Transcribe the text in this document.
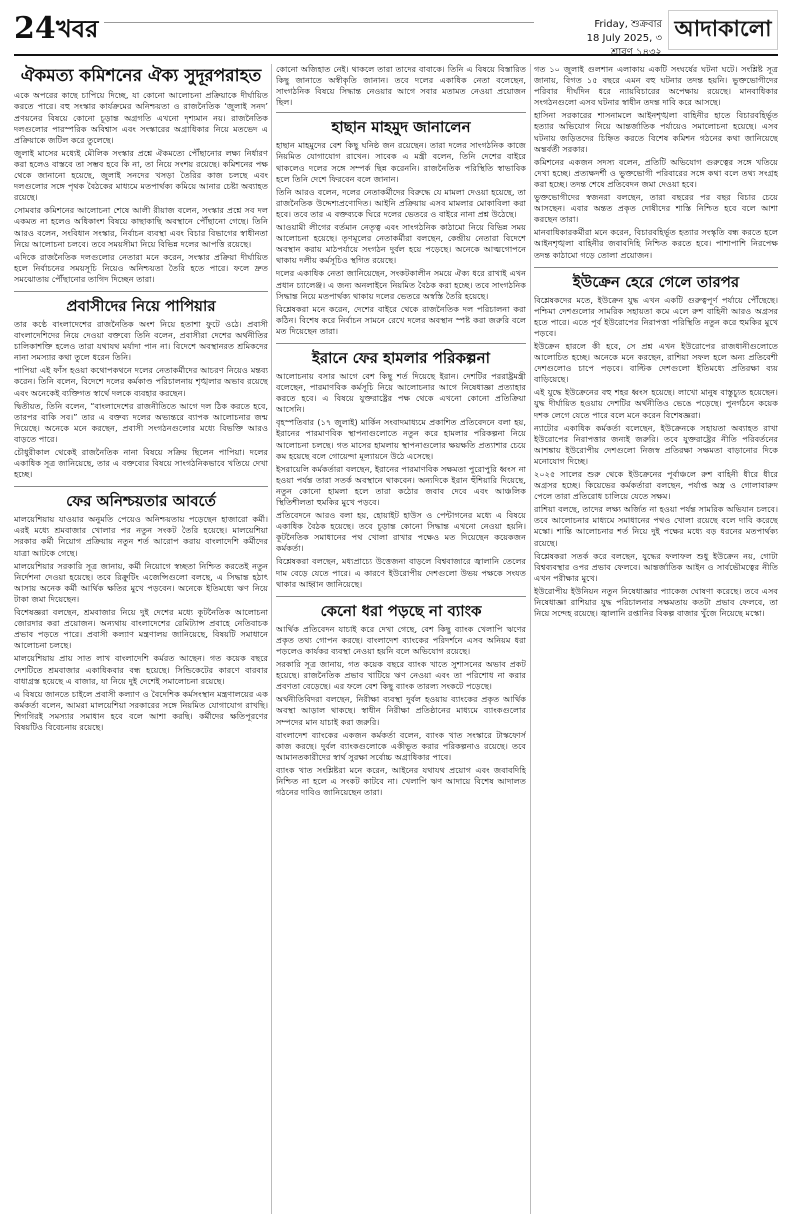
24 খবর	Friday, শুক্রবার
18 July 2025, ৩ শ্রাবণ ১৪৩২
আদাকালো
ঐকমত্য কমিশনের ঐক্য সুদূরপরাহত

একে অপরের কাছে চাপিয়ে দিচ্ছে, যা কোনো আলোচনা প্রক্রিয়াকে দীর্ঘায়িত করতে পারে। বহু সংস্কার কার্যক্রমের অনিশ্চয়তা ও রাজনৈতিক ‘জুলাই সনদ’ প্রণয়নের বিষয়ে কোনো চূড়ান্ত অগ্রগতি এখনো দৃশ্যমান নয়। রাজনৈতিক দলগুলোর পারস্পরিক অবিশ্বাস এবং সংস্কারের অগ্রাধিকার নিয়ে মতভেদ এ প্রক্রিয়াকে জটিল করে তুলেছে।

জুলাই মাসের মধ্যেই মৌলিক সংস্কার প্রশ্নে ঐকমত্যে পৌঁছানোর লক্ষ্য নির্ধারণ করা হলেও বাস্তবে তা সম্ভব হবে কি না, তা নিয়ে সংশয় রয়েছে। কমিশনের পক্ষ থেকে জানানো হয়েছে, জুলাই সনদের খসড়া তৈরির কাজ চলছে এবং দলগুলোর সঙ্গে পৃথক বৈঠকের মাধ্যমে মতপার্থক্য কমিয়ে আনার চেষ্টা অব্যাহত রয়েছে।

সোমবার কমিশনের আলোচনা শেষে আলী রীয়াজ বলেন, সংস্কার প্রশ্নে সব দল একমত না হলেও অধিকাংশ বিষয়ে কাছাকাছি অবস্থানে পৌঁছানো গেছে। তিনি আরও বলেন, সংবিধান সংস্কার, নির্বাচন ব্যবস্থা এবং বিচার বিভাগের স্বাধীনতা নিয়ে আলোচনা চলবে। তবে সময়সীমা নিয়ে বিভিন্ন দলের আপত্তি রয়েছে।

এদিকে রাজনৈতিক দলগুলোর নেতারা মনে করেন, সংস্কার প্রক্রিয়া দীর্ঘায়িত হলে নির্বাচনের সময়সূচি নিয়েও অনিশ্চয়তা তৈরি হতে পারে। ফলে দ্রুত সমঝোতায় পৌঁছানোর তাগিদ দিচ্ছেন তারা।

প্রবাসীদের নিয়ে পাপিয়ার

তার কণ্ঠে বাংলাদেশের রাজনৈতিক অংশ নিয়ে হতাশা ফুটে ওঠে। প্রবাসী বাংলাদেশিদের নিয়ে দেওয়া বক্তব্যে তিনি বলেন, প্রবাসীরা দেশের অর্থনীতির চালিকাশক্তি হলেও তারা যথাযথ মর্যাদা পান না। বিদেশে অবস্থানরত শ্রমিকদের নানা সমস্যার কথা তুলে ধরেন তিনি।

পাপিয়া এই ফাঁস হওয়া কথোপকথনে দলের নেতাকর্মীদের আচরণ নিয়েও মন্তব্য করেন। তিনি বলেন, বিদেশে দলের কর্মকাণ্ড পরিচালনায় শৃঙ্খলার অভাব রয়েছে এবং অনেকেই ব্যক্তিগত স্বার্থে দলকে ব্যবহার করছেন।

দ্বিতীয়ত, তিনি বলেন, “বাংলাদেশের রাজনীতিতে আগে দল ঠিক করতে হবে, তারপর বাকি সব।” তার এ বক্তব্য দলের অভ্যন্তরে ব্যাপক আলোচনার জন্ম দিয়েছে। অনেকে মনে করছেন, প্রবাসী সংগঠনগুলোর মধ্যে বিভক্তি আরও বাড়তে পারে।

চৌধুরীকাল থেকেই রাজনৈতিক নানা বিষয়ে সক্রিয় ছিলেন পাপিয়া। দলের একাধিক সূত্র জানিয়েছে, তার এ বক্তব্যের বিষয়ে সাংগঠনিকভাবে খতিয়ে দেখা হচ্ছে।

ফের অনিশ্চয়তার আবর্তে

মালয়েশিয়ায় যাওয়ার অনুমতি পেয়েও অনিশ্চয়তায় পড়েছেন হাজারো কর্মী। এরই মধ্যে শ্রমবাজার খোলার পর নতুন সংকট তৈরি হয়েছে। মালয়েশিয়া সরকার কর্মী নিয়োগ প্রক্রিয়ায় নতুন শর্ত আরোপ করায় বাংলাদেশি কর্মীদের যাত্রা আটকে গেছে।

মালয়েশিয়ার সরকারি সূত্র জানায়, কর্মী নিয়োগে স্বচ্ছতা নিশ্চিত করতেই নতুন নির্দেশনা দেওয়া হয়েছে। তবে রিক্রুটিং এজেন্সিগুলো বলছে, এ সিদ্ধান্ত হঠাৎ আসায় অনেক কর্মী আর্থিক ক্ষতির মুখে পড়বেন। অনেকে ইতিমধ্যে ঋণ নিয়ে টাকা জমা দিয়েছেন।

বিশেষজ্ঞরা বলছেন, শ্রমবাজার নিয়ে দুই দেশের মধ্যে কূটনৈতিক আলোচনা জোরদার করা প্রয়োজন। অন্যথায় বাংলাদেশের রেমিট্যান্স প্রবাহে নেতিবাচক প্রভাব পড়তে পারে। প্রবাসী কল্যাণ মন্ত্রণালয় জানিয়েছে, বিষয়টি সমাধানে আলোচনা চলছে।

মালয়েশিয়ায় প্রায় সাত লাখ বাংলাদেশি কর্মরত আছেন। গত কয়েক বছরে দেশটিতে শ্রমবাজার একাধিকবার বন্ধ হয়েছে। সিন্ডিকেটের কারণে বারবার বাধাগ্রস্ত হয়েছে এ বাজার, যা নিয়ে দুই দেশেই সমালোচনা রয়েছে।

এ বিষয়ে জানতে চাইলে প্রবাসী কল্যাণ ও বৈদেশিক কর্মসংস্থান মন্ত্রণালয়ের এক কর্মকর্তা বলেন, আমরা মালয়েশিয়া সরকারের সঙ্গে নিয়মিত যোগাযোগ রাখছি। শিগগিরই সমস্যার সমাধান হবে বলে আশা করছি। কর্মীদের ক্ষতিপূরণের বিষয়টিও বিবেচনায় রয়েছে।

কোনো অজিহাত নেই। থাকলে তারা তাদের বাবাকে। তিনি এ বিষয়ে বিস্তারিত কিছু জানাতে অস্বীকৃতি জানান। তবে দলের একাধিক নেতা বলেছেন, সাংগঠনিক বিষয়ে সিদ্ধান্ত নেওয়ার আগে সবার মতামত নেওয়া প্রয়োজন ছিল।

হাছান মাহমুদ জানালেন

হাছান মাহমুদের বেশ কিছু ঘনিষ্ঠ জন রয়েছেন। তারা দলের সাংগঠনিক কাজে নিয়মিত যোগাযোগ রাখেন। সাবেক এ মন্ত্রী বলেন, তিনি দেশের বাইরে থাকলেও দলের সঙ্গে সম্পর্ক ছিন্ন করেননি। রাজনৈতিক পরিস্থিতি স্বাভাবিক হলে তিনি দেশে ফিরবেন বলে জানান।

তিনি আরও বলেন, দলের নেতাকর্মীদের বিরুদ্ধে যে মামলা দেওয়া হয়েছে, তা রাজনৈতিক উদ্দেশ্যপ্রণোদিত। আইনি প্রক্রিয়ায় এসব মামলার মোকাবিলা করা হবে। তবে তার এ বক্তব্যকে ঘিরে দলের ভেতরে ও বাইরে নানা প্রশ্ন উঠেছে।

আওয়ামী লীগের বর্তমান নেতৃত্ব এবং সাংগঠনিক কাঠামো নিয়ে বিভিন্ন সময় আলোচনা হয়েছে। তৃণমূলের নেতাকর্মীরা বলছেন, কেন্দ্রীয় নেতারা বিদেশে অবস্থান করায় মাঠপর্যায়ে সংগঠন দুর্বল হয়ে পড়েছে। অনেকে আত্মগোপনে থাকায় দলীয় কর্মসূচিও স্থগিত রয়েছে।

দলের একাধিক নেতা জানিয়েছেন, সংকটকালীন সময়ে ঐক্য ধরে রাখাই এখন প্রধান চ্যালেঞ্জ। এ জন্য অনলাইনে নিয়মিত বৈঠক করা হচ্ছে। তবে সাংগঠনিক সিদ্ধান্ত নিয়ে মতপার্থক্য থাকায় দলের ভেতরে অস্বস্তি তৈরি হয়েছে।

বিশ্লেষকরা মনে করেন, দেশের বাইরে থেকে রাজনৈতিক দল পরিচালনা করা কঠিন। বিশেষ করে নির্বাচন সামনে রেখে দলের অবস্থান স্পষ্ট করা জরুরি বলে মত দিয়েছেন তারা।

ইরানে ফের হামলার পরিকল্পনা

আলোচনায় বসার আগে বেশ কিছু শর্ত দিয়েছে ইরান। দেশটির পররাষ্ট্রমন্ত্রী বলেছেন, পারমাণবিক কর্মসূচি নিয়ে আলোচনার আগে নিষেধাজ্ঞা প্রত্যাহার করতে হবে। এ বিষয়ে যুক্তরাষ্ট্রের পক্ষ থেকে এখনো কোনো প্রতিক্রিয়া আসেনি।

বৃহস্পতিবার (১৭ জুলাই) মার্কিন সংবাদমাধ্যমে প্রকাশিত প্রতিবেদনে বলা হয়, ইরানের পারমাণবিক স্থাপনাগুলোতে নতুন করে হামলার পরিকল্পনা নিয়ে আলোচনা চলছে। গত মাসের হামলায় স্থাপনাগুলোর ক্ষয়ক্ষতি প্রত্যাশার চেয়ে কম হয়েছে বলে গোয়েন্দা মূল্যায়নে উঠে এসেছে।

ইসরায়েলি কর্মকর্তারা বলছেন, ইরানের পারমাণবিক সক্ষমতা পুরোপুরি ধ্বংস না হওয়া পর্যন্ত তারা সতর্ক অবস্থানে থাকবেন। অন্যদিকে ইরান হুঁশিয়ারি দিয়েছে, নতুন কোনো হামলা হলে তারা কঠোর জবাব দেবে এবং আঞ্চলিক স্থিতিশীলতা হুমকির মুখে পড়বে।

প্রতিবেদনে আরও বলা হয়, হোয়াইট হাউস ও পেন্টাগনের মধ্যে এ বিষয়ে একাধিক বৈঠক হয়েছে। তবে চূড়ান্ত কোনো সিদ্ধান্ত এখনো নেওয়া হয়নি। কূটনৈতিক সমাধানের পথ খোলা রাখার পক্ষেও মত দিয়েছেন কয়েকজন কর্মকর্তা।

বিশ্লেষকরা বলছেন, মধ্যপ্রাচ্যে উত্তেজনা বাড়লে বিশ্ববাজারে জ্বালানি তেলের দাম বেড়ে যেতে পারে। এ কারণে ইউরোপীয় দেশগুলো উভয় পক্ষকে সংযত থাকার আহ্বান জানিয়েছে।

কেনো ধরা পড়ছে না ব্যাংক

আর্থিক প্রতিবেদন যাচাই করে দেখা গেছে, বেশ কিছু ব্যাংক খেলাপি ঋণের প্রকৃত তথ্য গোপন করছে। বাংলাদেশ ব্যাংকের পরিদর্শনে এসব অনিয়ম ধরা পড়লেও কার্যকর ব্যবস্থা নেওয়া হয়নি বলে অভিযোগ রয়েছে।

সরকারি সূত্র জানায়, গত কয়েক বছরে ব্যাংক খাতে সুশাসনের অভাব প্রকট হয়েছে। রাজনৈতিক প্রভাব খাটিয়ে ঋণ নেওয়া এবং তা পরিশোধ না করার প্রবণতা বেড়েছে। এর ফলে বেশ কিছু ব্যাংক তারল্য সংকটে পড়েছে।

অর্থনীতিবিদরা বলছেন, নিরীক্ষা ব্যবস্থা দুর্বল হওয়ায় ব্যাংকের প্রকৃত আর্থিক অবস্থা আড়াল থাকছে। স্বাধীন নিরীক্ষা প্রতিষ্ঠানের মাধ্যমে ব্যাংকগুলোর সম্পদের মান যাচাই করা জরুরি।

বাংলাদেশ ব্যাংকের একজন কর্মকর্তা বলেন, ব্যাংক খাত সংস্কারে টাস্কফোর্স কাজ করছে। দুর্বল ব্যাংকগুলোকে একীভূত করার পরিকল্পনাও রয়েছে। তবে আমানতকারীদের স্বার্থ সুরক্ষা সর্বোচ্চ অগ্রাধিকার পাবে।

ব্যাংক খাত সংশ্লিষ্টরা মনে করেন, আইনের যথাযথ প্রয়োগ এবং জবাবদিহি নিশ্চিত না হলে এ সংকট কাটবে না। খেলাপি ঋণ আদায়ে বিশেষ আদালত গঠনের দাবিও জানিয়েছেন তারা।

গত ১০ জুলাই গুলশান এলাকায় একটি সংঘর্ষের ঘটনা ঘটে। সংশ্লিষ্ট সূত্র জানায়, বিগত ১৫ বছরে এমন বহু ঘটনার তদন্ত হয়নি। ভুক্তভোগীদের পরিবার দীর্ঘদিন ধরে ন্যায়বিচারের অপেক্ষায় রয়েছে। মানবাধিকার সংগঠনগুলো এসব ঘটনার স্বাধীন তদন্ত দাবি করে আসছে।

হাসিনা সরকারের শাসনামলে আইনশৃঙ্খলা বাহিনীর হাতে বিচারবহির্ভূত হত্যার অভিযোগ নিয়ে আন্তর্জাতিক পর্যায়েও সমালোচনা হয়েছে। এসব ঘটনায় জড়িতদের চিহ্নিত করতে বিশেষ কমিশন গঠনের কথা জানিয়েছে অন্তর্বর্তী সরকার।

কমিশনের একজন সদস্য বলেন, প্রতিটি অভিযোগ গুরুত্বের সঙ্গে খতিয়ে দেখা হচ্ছে। প্রত্যক্ষদর্শী ও ভুক্তভোগী পরিবারের সঙ্গে কথা বলে তথ্য সংগ্রহ করা হচ্ছে। তদন্ত শেষে প্রতিবেদন জমা দেওয়া হবে।

ভুক্তভোগীদের স্বজনরা বলছেন, তারা বছরের পর বছর বিচার চেয়ে আসছেন। এবার অন্তত প্রকৃত দোষীদের শাস্তি নিশ্চিত হবে বলে আশা করছেন তারা।

মানবাধিকারকর্মীরা মনে করেন, বিচারবহির্ভূত হত্যার সংস্কৃতি বন্ধ করতে হলে আইনশৃঙ্খলা বাহিনীর জবাবদিহি নিশ্চিত করতে হবে। পাশাপাশি নিরপেক্ষ তদন্ত কাঠামো গড়ে তোলা প্রয়োজন।

ইউক্রেন হেরে গেলে তারপর

বিশ্লেষকদের মতে, ইউক্রেন যুদ্ধ এখন একটি গুরুত্বপূর্ণ পর্যায়ে পৌঁছেছে। পশ্চিমা দেশগুলোর সামরিক সহায়তা কমে এলে রুশ বাহিনী আরও অগ্রসর হতে পারে। এতে পূর্ব ইউরোপের নিরাপত্তা পরিস্থিতি নতুন করে হুমকির মুখে পড়বে।

ইউক্রেন হারলে কী হবে, সে প্রশ্ন এখন ইউরোপের রাজধানীগুলোতে আলোচিত হচ্ছে। অনেকে মনে করছেন, রাশিয়া সফল হলে অন্য প্রতিবেশী দেশগুলোও চাপে পড়বে। বাল্টিক দেশগুলো ইতিমধ্যে প্রতিরক্ষা ব্যয় বাড়িয়েছে।

এই যুদ্ধে ইউক্রেনের বহু শহর ধ্বংস হয়েছে। লাখো মানুষ বাস্তুচ্যুত হয়েছেন। যুদ্ধ দীর্ঘায়িত হওয়ায় দেশটির অর্থনীতিও ভেঙে পড়েছে। পুনর্গঠনে কয়েক দশক লেগে যেতে পারে বলে মনে করেন বিশেষজ্ঞরা।

ন্যাটোর একাধিক কর্মকর্তা বলেছেন, ইউক্রেনকে সহায়তা অব্যাহত রাখা ইউরোপের নিরাপত্তার জন্যই জরুরি। তবে যুক্তরাষ্ট্রের নীতি পরিবর্তনের আশঙ্কায় ইউরোপীয় দেশগুলো নিজস্ব প্রতিরক্ষা সক্ষমতা বাড়ানোর দিকে মনোযোগ দিচ্ছে।

২০২৫ সালের শুরু থেকে ইউক্রেনের পূর্বাঞ্চলে রুশ বাহিনী ধীরে ধীরে অগ্রসর হচ্ছে। কিয়েভের কর্মকর্তারা বলছেন, পর্যাপ্ত অস্ত্র ও গোলাবারুদ পেলে তারা প্রতিরোধ চালিয়ে যেতে সক্ষম।

রাশিয়া বলছে, তাদের লক্ষ্য অর্জিত না হওয়া পর্যন্ত সামরিক অভিযান চলবে। তবে আলোচনার মাধ্যমে সমাধানের পথও খোলা রয়েছে বলে দাবি করেছে মস্কো। শান্তি আলোচনার শর্ত নিয়ে দুই পক্ষের মধ্যে বড় ধরনের মতপার্থক্য রয়েছে।

বিশ্লেষকরা সতর্ক করে বলছেন, যুদ্ধের ফলাফল শুধু ইউক্রেন নয়, গোটা বিশ্বব্যবস্থার ওপর প্রভাব ফেলবে। আন্তর্জাতিক আইন ও সার্বভৌমত্বের নীতি এখন পরীক্ষার মুখে।

ইউরোপীয় ইউনিয়ন নতুন নিষেধাজ্ঞার প্যাকেজ ঘোষণা করেছে। তবে এসব নিষেধাজ্ঞা রাশিয়ার যুদ্ধ পরিচালনার সক্ষমতায় কতটা প্রভাব ফেলবে, তা নিয়ে সন্দেহ রয়েছে। জ্বালানি রপ্তানির বিকল্প বাজার খুঁজে নিয়েছে মস্কো।
